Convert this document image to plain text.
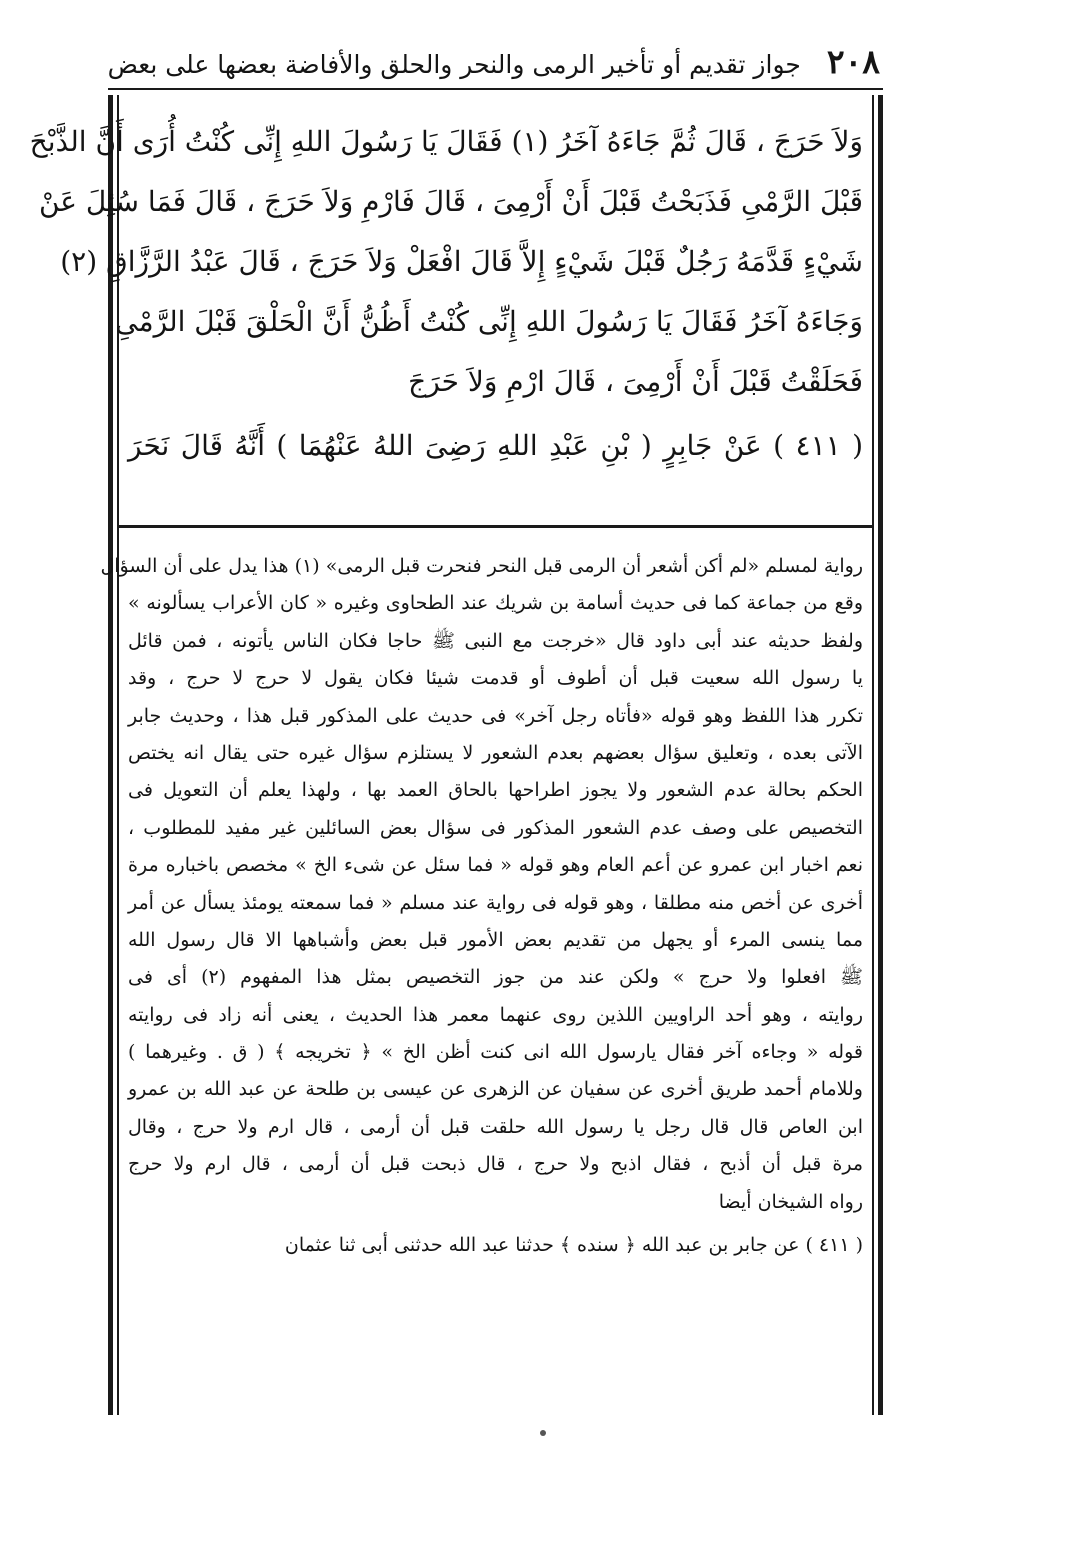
٢٠٨
جواز تقديم أو تأخير الرمى والنحر والحلق والأفاضة بعضها على بعض
وَلاَ حَرَجَ ، قَالَ ثُمَّ جَاءَهُ آخَرُ (١) فَقَالَ يَا رَسُولَ اللهِ إِنِّى كُنْتُ أُرَى أَنَّ الذَّبْحَ
قَبْلَ الرَّمْىِ فَذَبَحْتُ قَبْلَ أَنْ أَرْمِىَ ، قَالَ فَارْمِ وَلاَ حَرَجَ ، قَالَ فَمَا سُئِلَ عَنْ
شَيْءٍ قَدَّمَهُ رَجُلٌ قَبْلَ شَيْءٍ إِلاَّ قَالَ افْعَلْ وَلاَ حَرَجَ ، قَالَ عَبْدُ الرَّزَّاقِ (٢)
وَجَاءَهُ آخَرُ فَقَالَ يَا رَسُولَ اللهِ إِنِّى كُنْتُ أَظُنُّ أَنَّ الْحَلْقَ قَبْلَ الرَّمْىِ
فَحَلَقْتُ قَبْلَ أَنْ أَرْمِىَ ، قَالَ ارْمِ وَلاَ حَرَجَ
( ٤١١ ) عَنْ جَابِرٍ ( بْنِ عَبْدِ اللهِ رَضِىَ اللهُ عَنْهُمَا ) أَنَّهُ قَالَ نَحَرَ
رواية لمسلم «لم أكن أشعر أن الرمى قبل النحر فنحرت قبل الرمى» (١) هذا يدل على أن السؤال
وقع من جماعة كما فى حديث أسامة بن شريك عند الطحاوى وغيره « كان الأعراب يسألونه »
ولفظ حديثه عند أبى داود قال «خرجت مع النبى ﷺ حاجا فكان الناس يأتونه ، فمن قائل
يا رسول الله سعيت قبل أن أطوف أو قدمت شيئا فكان يقول لا حرج لا حرج ، وقد
تكرر هذا اللفظ وهو قوله «فأتاه رجل آخر» فى حديث على المذكور قبل هذا ، وحديث جابر
الآتى بعده ، وتعليق سؤال بعضهم بعدم الشعور لا يستلزم سؤال غيره حتى يقال انه يختص
الحكم بحالة عدم الشعور ولا يجوز اطراحها بالحاق العمد بها ، ولهذا يعلم أن التعويل فى
التخصيص على وصف عدم الشعور المذكور فى سؤال بعض السائلين غير مفيد للمطلوب ،
نعم اخبار ابن عمرو عن أعم العام وهو قوله « فما سئل عن شىء الخ » مخصص باخباره مرة
أخرى عن أخص منه مطلقا ، وهو قوله فى رواية عند مسلم « فما سمعته يومئذ يسأل عن أمر
مما ينسى المرء أو يجهل من تقديم بعض الأمور قبل بعض وأشباهها الا قال رسول الله
ﷺ افعلوا ولا حرج » ولكن عند من جوز التخصيص بمثل هذا المفهوم (٢) أى فى
روايته ، وهو أحد الراويين اللذين روى عنهما معمر هذا الحديث ، يعنى أنه زاد فى روايته
قوله « وجاءه آخر فقال يارسول الله انى كنت أظن الخ » ﴿ تخريجه ﴾ ( ق . وغيرهما )
وللامام أحمد طريق أخرى عن سفيان عن الزهرى عن عيسى بن طلحة عن عبد الله بن عمرو
ابن العاص قال قال رجل يا رسول الله حلقت قبل أن أرمى ، قال ارم ولا حرج ، وقال
مرة قبل أن أذبح ، فقال اذبح ولا حرج ، قال ذبحت قبل أن أرمى ، قال ارم ولا حرج
رواه الشيخان أيضا
( ٤١١ ) عن جابر بن عبد الله ﴿ سنده ﴾ حدثنا عبد الله حدثنى أبى ثنا عثمان
